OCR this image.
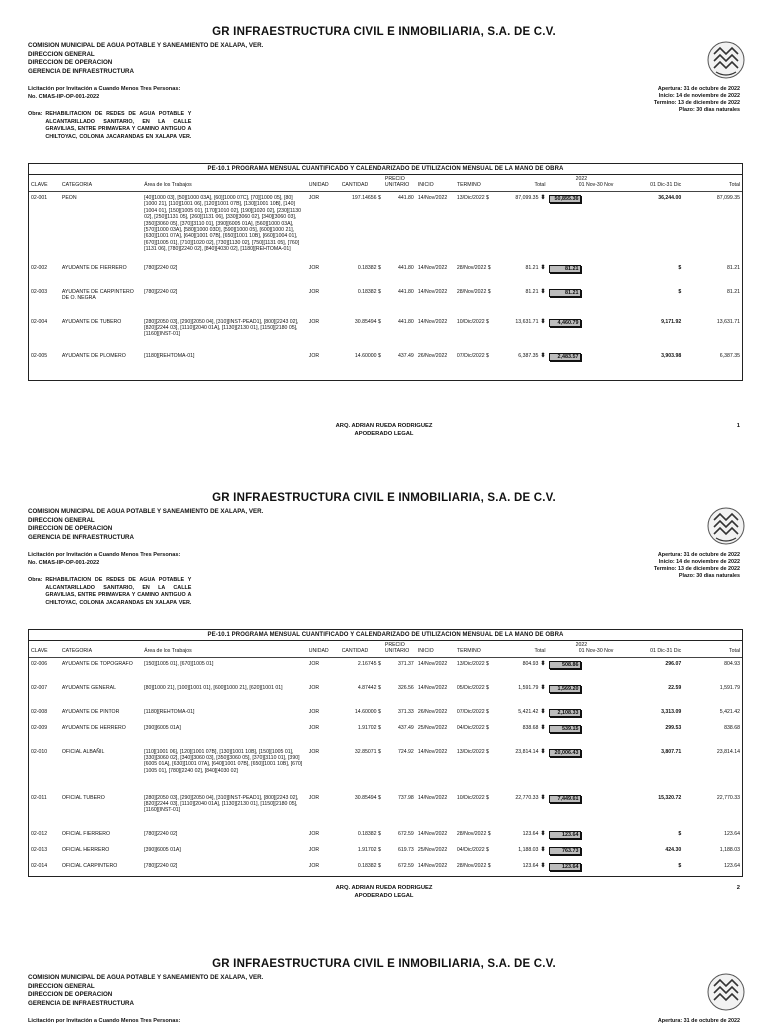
GR INFRAESTRUCTURA CIVIL E INMOBILIARIA, S.A. DE C.V.
COMISION MUNICIPAL DE AGUA POTABLE Y SANEAMIENTO DE XALAPA, VER.
DIRECCION GENERAL
DIRECCION DE OPERACION
GERENCIA DE INFRAESTRUCTURA
Licitación por Invitación a Cuando Menos Tres Personas:
No. CMAS-IIP-OP-001-2022
Apertura: 31 de octubre de 2022
Inicio: 14 de noviembre de 2022
Termino: 13 de diciembre de 2022
Plazo: 30 dias naturales
Obra: REHABILITACION DE REDES DE AGUA POTABLE Y ALCANTARILLADO SANITARIO, EN LA CALLE GRAVILIAS, ENTRE PRIMAVERA Y CAMINO ANTIGUO A CHILTOYAC, COLONIA JACARANDAS EN XALAPA VER.
PE-10.1 PROGRAMA MENSUAL CUANTIFICADO Y CALENDARIZADO DE UTILIZACION MENSUAL DE LA MANO DE OBRA
CLAVE	CATEGORIA	Área de los Trabajos	UNIDAD	CANTIDAD	PRECIO UNITARIO	INICIO	TERMINO	Total	2022
01 Nov-30 Nov	01 Dic-31 Dic	Total
02-001	PEON	[40][1000 03], [50][1000 03A], [60][1000 07C], [70][1000 05], [80][1000 21], [110][1001 06], [120][1001 07B], [130][1001 10B], [140][1004 01], [150][1005 01], [170][1010 02], [190][1020 02], [230][1130 02], [250][1131 05], [260][1131 06], [330][3060 02], [340][3060 03], [350][3060 05], [370][3110 01], [390][6005 01A], [560][1000 03A], [570][1000 03A], [580][1000 03D], [590][1000 05], [600][1000 21], [630][1001 07A], [640][1001 07B], [650][1001 10B], [660][1004 01], [670][1005 01], [710][1020 02], [730][1130 02], [750][1131 05], [760][1131 06], [780][2240 02], [840][4030 02], [1180][REHTOMA-01]	JOR	197.14656 $	441.80	14/Nov/2022	13/Dic/2022 $	87,099.35 ⬍	50,855.36	36,244.00	87,099.35
02-002	AYUDANTE DE FIERRERO	[780][2240 02]	JOR	0.18382 $	441.80	14/Nov/2022	28/Nov/2022 $	81.21 ⬍	81.21	$	81.21
02-003	AYUDANTE DE CARPINTERO DE O. NEGRA	[780][2240 02]	JOR	0.18382 $	441.80	14/Nov/2022	28/Nov/2022 $	81.21 ⬍	81.21	$	81.21
02-004	AYUDANTE DE TUBERO	[280][2050 03], [290][2050 04], [310][INST-PEAD1], [800][2243 02], [820][2244 03], [1110][2040 01A], [1130][2130 01], [1150][2180 05], [1160][INST-01]	JOR	30.85494 $	441.80	14/Nov/2022	10/Dic/2022 $	13,631.71 ⬍	4,460.79	9,171.92	13,631.71
02-005	AYUDANTE DE PLOMERO	[1180][REHTOMA-01]	JOR	14.60000 $	437.49	26/Nov/2022	07/Dic/2022 $	6,387.35 ⬍	2,483.57	3,903.98	6,387.35
ARQ. ADRIAN RUEDA RODRIGUEZ
APODERADO LEGAL
1
GR INFRAESTRUCTURA CIVIL E INMOBILIARIA, S.A. DE C.V.
COMISION MUNICIPAL DE AGUA POTABLE Y SANEAMIENTO DE XALAPA, VER.
DIRECCION GENERAL
DIRECCION DE OPERACION
GERENCIA DE INFRAESTRUCTURA
Licitación por Invitación a Cuando Menos Tres Personas:
No. CMAS-IIP-OP-001-2022
Apertura: 31 de octubre de 2022
Inicio: 14 de noviembre de 2022
Termino: 13 de diciembre de 2022
Plazo: 30 dias naturales
Obra: REHABILITACION DE REDES DE AGUA POTABLE Y ALCANTARILLADO SANITARIO, EN LA CALLE GRAVILIAS, ENTRE PRIMAVERA Y CAMINO ANTIGUO A CHILTOYAC, COLONIA JACARANDAS EN XALAPA VER.
PE-10.1 PROGRAMA MENSUAL CUANTIFICADO Y CALENDARIZADO DE UTILIZACION MENSUAL DE LA MANO DE OBRA
CLAVE	CATEGORIA	Área de los Trabajos	UNIDAD	CANTIDAD	PRECIO UNITARIO	INICIO	TERMINO	Total	2022
01 Nov-30 Nov	01 Dic-31 Dic	Total
02-006	AYUDANTE DE TOPOGRAFO	[150][1005 01], [670][1005 01]	JOR	2.16745 $	371.37	14/Nov/2022	13/Dic/2022 $	804.93 ⬍	508.86	296.07	804.93
02-007	AYUDANTE GENERAL	[80][1000 21], [100][1001 01], [600][1000 21], [620][1001 01]	JOR	4.87442 $	326.56	14/Nov/2022	05/Dic/2022 $	1,591.79 ⬍	1,569.20	22.59	1,591.79
02-008	AYUDANTE DE PINTOR	[1180][REHTOMA-01]	JOR	14.60000 $	371.33	26/Nov/2022	07/Dic/2022 $	5,421.42 ⬍	2,108.33	3,313.09	5,421.42
02-009	AYUDANTE DE HERRERO	[390][6005 01A]	JOR	1.91702 $	437.49	25/Nov/2022	04/Dic/2022 $	838.68 ⬍	539.15	299.53	838.68
02-010	OFICIAL ALBAÑIL	[110][1001 06], [120][1001 07B], [130][1001 10B], [150][1005 01], [330][3060 02], [340][3060 03], [350][3060 05], [370][3110 01], [390][6005 01A], [630][1001 07A], [640][1001 07B], [650][1001 10B], [670][1005 01], [780][2240 02], [840][4030 02]	JOR	32.85071 $	724.92	14/Nov/2022	13/Dic/2022 $	23,814.14 ⬍	20,006.43	3,807.71	23,814.14
02-011	OFICIAL TUBERO	[280][2050 03], [290][2050 04], [310][INST-PEAD1], [800][2243 02], [820][2244 03], [1110][2040 01A], [1130][2130 01], [1150][2180 05], [1160][INST-01]	JOR	30.85494 $	737.98	14/Nov/2022	10/Dic/2022 $	22,770.33 ⬍	7,449.61	15,320.72	22,770.33
02-012	OFICIAL FIERRERO	[780][2240 02]	JOR	0.18382 $	672.59	14/Nov/2022	28/Nov/2022 $	123.64 ⬍	123.64	$	123.64
02-013	OFICIAL HERRERO	[390][6005 01A]	JOR	1.91702 $	619.73	25/Nov/2022	04/Dic/2022 $	1,188.03 ⬍	763.73	424.30	1,188.03
02-014	OFICIAL CARPINTERO	[780][2240 02]	JOR	0.18382 $	672.59	14/Nov/2022	28/Nov/2022 $	123.64 ⬍	123.64	$	123.64
ARQ. ADRIAN RUEDA RODRIGUEZ
APODERADO LEGAL
2
GR INFRAESTRUCTURA CIVIL E INMOBILIARIA, S.A. DE C.V.
COMISION MUNICIPAL DE AGUA POTABLE Y SANEAMIENTO DE XALAPA, VER.
DIRECCION GENERAL
DIRECCION DE OPERACION
GERENCIA DE INFRAESTRUCTURA
Licitación por Invitación a Cuando Menos Tres Personas:	Apertura: 31 de octubre de 2022
